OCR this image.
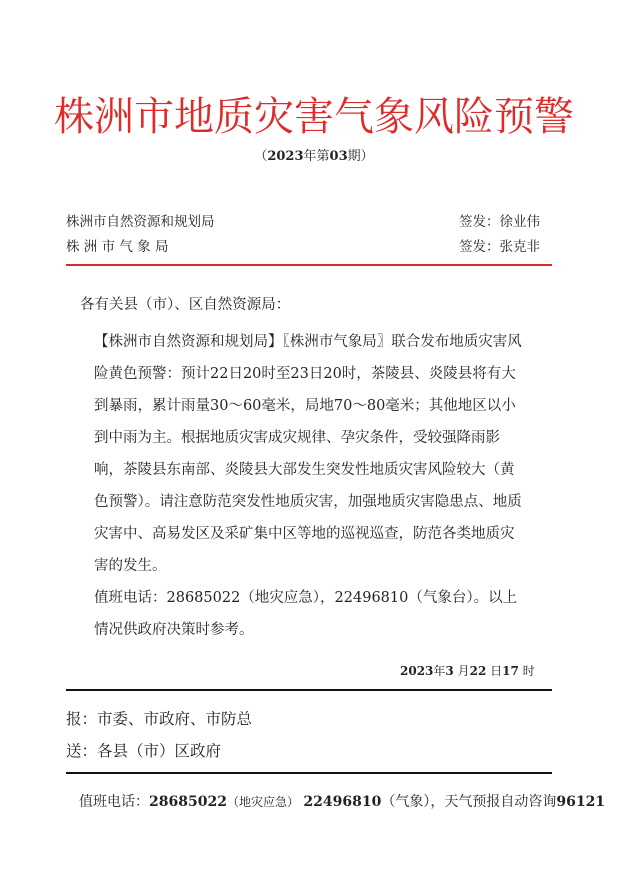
株洲市地质灾害气象风险预警
（2023年第03期）
株洲市自然资源和规划局	签发：徐业伟
株 洲 市 气 象 局	签发：张克非
各有关县（市）、区自然资源局：

【株洲市自然资源和规划局】〖株洲市气象局〗联合发布地质灾害风险黄色预警：预计22日20时至23日20时，茶陵县、炎陵县将有大到暴雨，累计雨量30～60毫米，局地70～80毫米；其他地区以小到中雨为主。根据地质灾害成灾规律、孕灾条件，受较强降雨影响，茶陵县东南部、炎陵县大部发生突发性地质灾害风险较大（黄色预警）。请注意防范突发性地质灾害，加强地质灾害隐患点、地质灾害中、高易发区及采矿集中区等地的巡视巡查，防范各类地质灾害的发生。

值班电话：28685022（地灾应急），22496810（气象台）。以上情况供政府决策时参考。

2023年3 月22 日17 时
报：市委、市政府、市防总
送：各县（市）区政府
值班电话：28685022（地灾应急） 22496810（气象），天气预报自动咨询96121
